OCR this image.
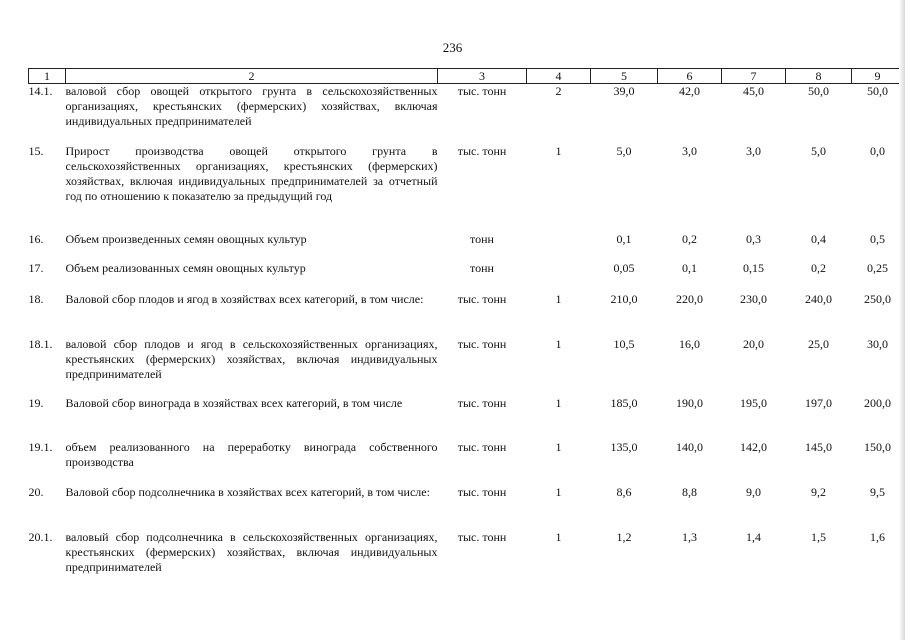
236
1	2	3	4	5	6	7	8	9
14.1.	валовой сбор овощей открытого грунта в сельскохозяйственных организациях, крестьянских (фермерских) хозяйствах, включая индивидуальных предпринимателей	тыс. тонн	2	39,0	42,0	45,0	50,0	50,0
15.	Прирост производства овощей открытого грунта в сельскохозяйственных организациях, крестьянских (фермерских) хозяйствах, включая индивидуальных предпринимателей за отчетный год по отношению к показателю за предыдущий год	тыс. тонн	1	5,0	3,0	3,0	5,0	0,0
16.	Объем произведенных семян овощных культур	тонн		0,1	0,2	0,3	0,4	0,5
17.	Объем реализованных семян овощных культур	тонн		0,05	0,1	0,15	0,2	0,25
18.	Валовой сбор плодов и ягод в хозяйствах всех категорий, в том числе:	тыс. тонн	1	210,0	220,0	230,0	240,0	250,0
18.1.	валовой сбор плодов и ягод в сельскохозяйственных организациях, крестьянских (фермерских) хозяйствах, включая индивидуальных предпринимателей	тыс. тонн	1	10,5	16,0	20,0	25,0	30,0
19.	Валовой сбор винограда в хозяйствах всех категорий, в том числе	тыс. тонн	1	185,0	190,0	195,0	197,0	200,0
19.1.	объем реализованного на переработку винограда собственного производства	тыс. тонн	1	135,0	140,0	142,0	145,0	150,0
20.	Валовой сбор подсолнечника в хозяйствах всех категорий, в том числе:	тыс. тонн	1	8,6	8,8	9,0	9,2	9,5
20.1.	валовый сбор подсолнечника в сельскохозяйственных организациях, крестьянских (фермерских) хозяйствах, включая индивидуальных предпринимателей	тыс. тонн	1	1,2	1,3	1,4	1,5	1,6
